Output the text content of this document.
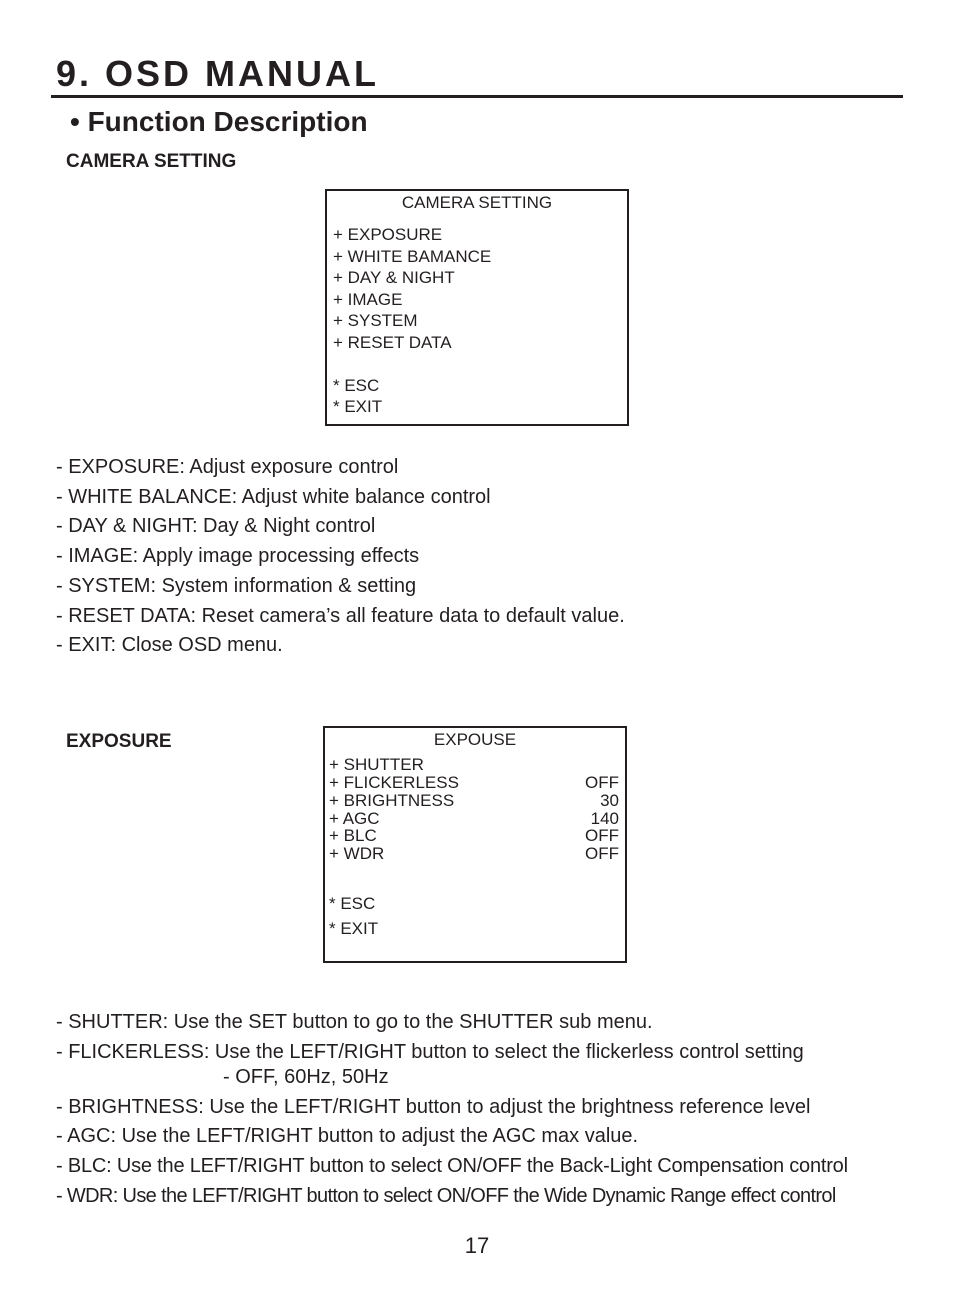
9. OSD MANUAL
• Function Description
CAMERA SETTING
CAMERA SETTING
+ EXPOSURE
+ WHITE BAMANCE
+ DAY & NIGHT
+ IMAGE
+ SYSTEM
+ RESET DATA
* ESC
* EXIT
- EXPOSURE: Adjust exposure control
- WHITE BALANCE: Adjust white balance control
- DAY & NIGHT: Day & Night control
- IMAGE: Apply image processing effects
- SYSTEM: System information & setting
- RESET DATA: Reset camera’s all feature data to default value.
- EXIT: Close OSD menu.
EXPOSURE	EXPOUSE
+ SHUTTER
+ FLICKERLESS	OFF
+ BRIGHTNESS	30
+ AGC	140
+ BLC	OFF
+ WDR	OFF
* ESC
* EXIT
- SHUTTER: Use the SET button to go to the SHUTTER sub menu.
- FLICKERLESS: Use the LEFT/RIGHT button to select the flickerless control setting
- OFF, 60Hz, 50Hz
- BRIGHTNESS: Use the LEFT/RIGHT button to adjust the brightness reference level
- AGC: Use the LEFT/RIGHT button to adjust the AGC max value.
- BLC: Use the LEFT/RIGHT button to select ON/OFF the Back-Light Compensation control
- WDR: Use the LEFT/RIGHT button to select ON/OFF the Wide Dynamic Range effect control
17
